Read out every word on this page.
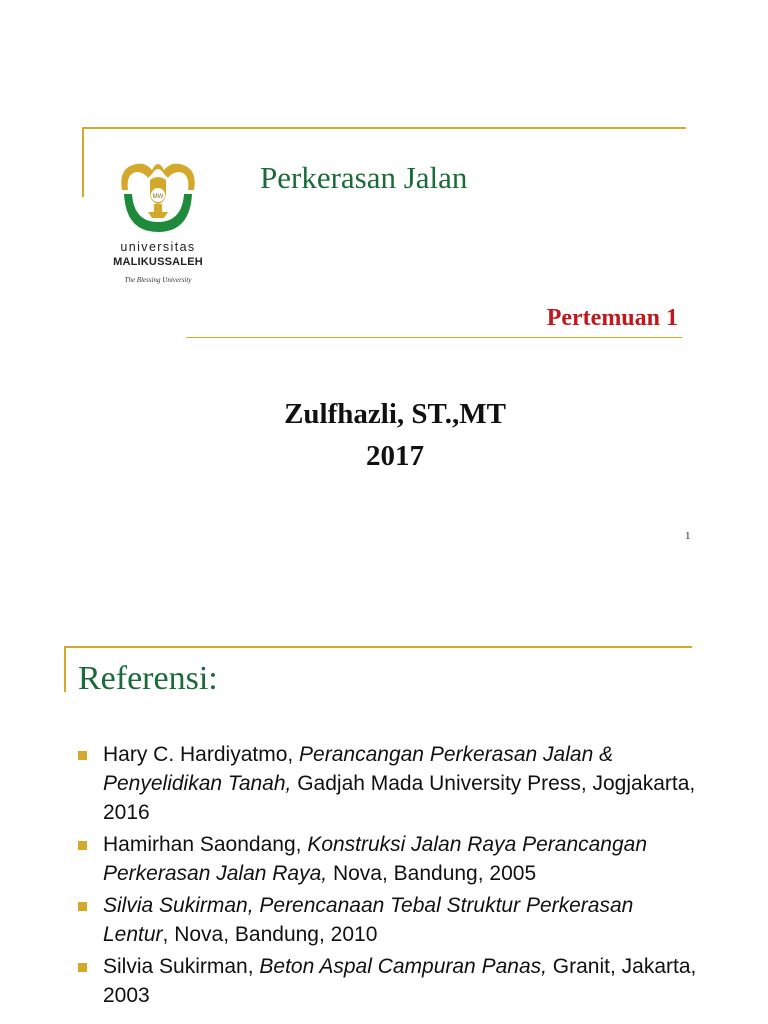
MW
universitas
MALIKUSSALEH
The Blessing University
Perkerasan Jalan
Pertemuan 1
Zulfhazli, ST.,MT
2017
1
Referensi:
Hary C. Hardiyatmo, Perancangan Perkerasan Jalan & Penyelidikan Tanah, Gadjah Mada University Press, Jogjakarta, 2016
Hamirhan Saondang, Konstruksi Jalan Raya Perancangan Perkerasan Jalan Raya, Nova, Bandung, 2005
Silvia Sukirman, Perencanaan Tebal Struktur Perkerasan Lentur, Nova, Bandung, 2010
Silvia Sukirman, Beton Aspal Campuran Panas, Granit, Jakarta, 2003
